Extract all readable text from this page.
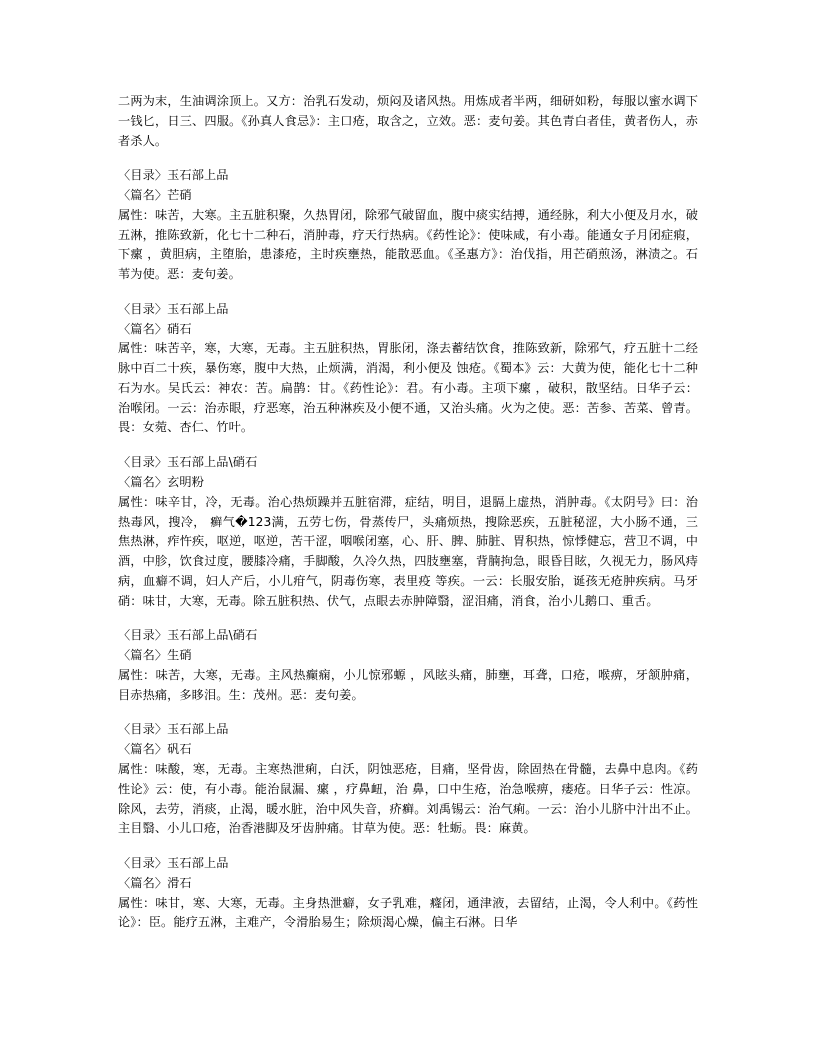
二两为末，生油调涂顶上。又方：治乳石发动，烦闷及诸风热。用炼成者半两，细研如粉，每服以蜜水调下一钱匕，日三、四服。《孙真人食忌》：主口疮，取含之，立效。恶：麦句姜。其色青白者佳，黄者伤人，赤者杀人。

〈目录〉玉石部上品

〈篇名〉芒硝

属性：味苦，大寒。主五脏积聚，久热胃闭，除邪气破留血，腹中痰实结搏，通经脉，利大小便及月水，破五淋，推陈致新，化七十二种石，消肿毒，疗天行热病。《药性论》：使味咸，有小毒。能通女子月闭症瘕，下瘰 ，黄胆病，主堕胎，患漆疮，主时疾壅热，能散恶血。《圣惠方》：治伐指，用芒硝煎汤，淋渍之。石苇为使。恶：麦句姜。

〈目录〉玉石部上品

〈篇名〉硝石

属性：味苦辛，寒，大寒，无毒。主五脏积热，胃胀闭，涤去蓄结饮食，推陈致新，除邪气，疗五脏十二经脉中百二十疾，暴伤寒，腹中大热，止烦满，消渴，利小便及 蚀疮。《蜀本》云：大黄为使，能化七十二种石为水。吴氏云：神农：苦。扁鹊：甘。《药性论》：君。有小毒。主项下瘰 ，破积，散坚结。日华子云：治喉闭。一云：治赤眼，疗恶寒，治五种淋疾及小便不通，又治头痛。火为之使。恶：苦参、苦菜、曾青。畏：女菀、杏仁、竹叶。

〈目录〉玉石部上品\硝石

〈篇名〉玄明粉

属性：味辛甘，冷，无毒。治心热烦躁并五脏宿滞，症结，明目，退膈上虚热，消肿毒。《太阴号》曰：治热毒风，搜冷， 癣气�123满，五劳七伤，骨蒸传尸，头痛烦热，搜除恶疾，五脏秘涩，大小肠不通，三焦热淋，痄忤疾，呕逆，呕逆，苦干涩，咽喉闭塞，心、肝、脾、肺脏、胃积热，惊悸健忘，营卫不调，中酒，中胗，饮食过度，腰膝冷痛，手脚酸，久冷久热，四肢壅塞，背腩拘急，眼昏目眩，久视无力，肠风痔病，血癖不调，妇人产后，小儿疳气，阴毒伤寒，表里疫 等疾。一云：长服安胎，诞孩无疮肿疾病。马牙硝：味甘，大寒，无毒。除五脏积热、伏气，点眼去赤肿障翳，涩泪痛，消食，治小儿鹅口、重舌。

〈目录〉玉石部上品\硝石

〈篇名〉生硝

属性：味苦，大寒，无毒。主风热癫痫，小儿惊邪螈 ，风眩头痛，肺壅，耳聋，口疮，喉痹，牙颔肿痛，目赤热痛，多眵泪。生：茂州。恶：麦句姜。

〈目录〉玉石部上品

〈篇名〉矾石

属性：味酸，寒，无毒。主寒热泄痢，白沃，阴蚀恶疮，目痛，坚骨齿，除固热在骨髓，去鼻中息肉。《药性论》云：使，有小毒。能治鼠漏、瘰 ，疗鼻衄，治 鼻，口中生疮，治急喉痹，瘘疮。日华子云：性凉。除风，去劳，消痰，止渴，暖水脏，治中风失音，疥癣。刘禹锡云：治气痢。一云：治小儿脐中汁出不止。主目翳、小儿口疮，治香港脚及牙齿肿痛。甘草为使。恶：牡蛎。畏：麻黄。

〈目录〉玉石部上品

〈篇名〉滑石

属性：味甘，寒、大寒，无毒。主身热泄癖，女子乳难，癃闭，通津液，去留结，止渴，令人利中。《药性论》：臣。能疗五淋，主难产，令滑胎易生；除烦渴心燥，偏主石淋。日华
